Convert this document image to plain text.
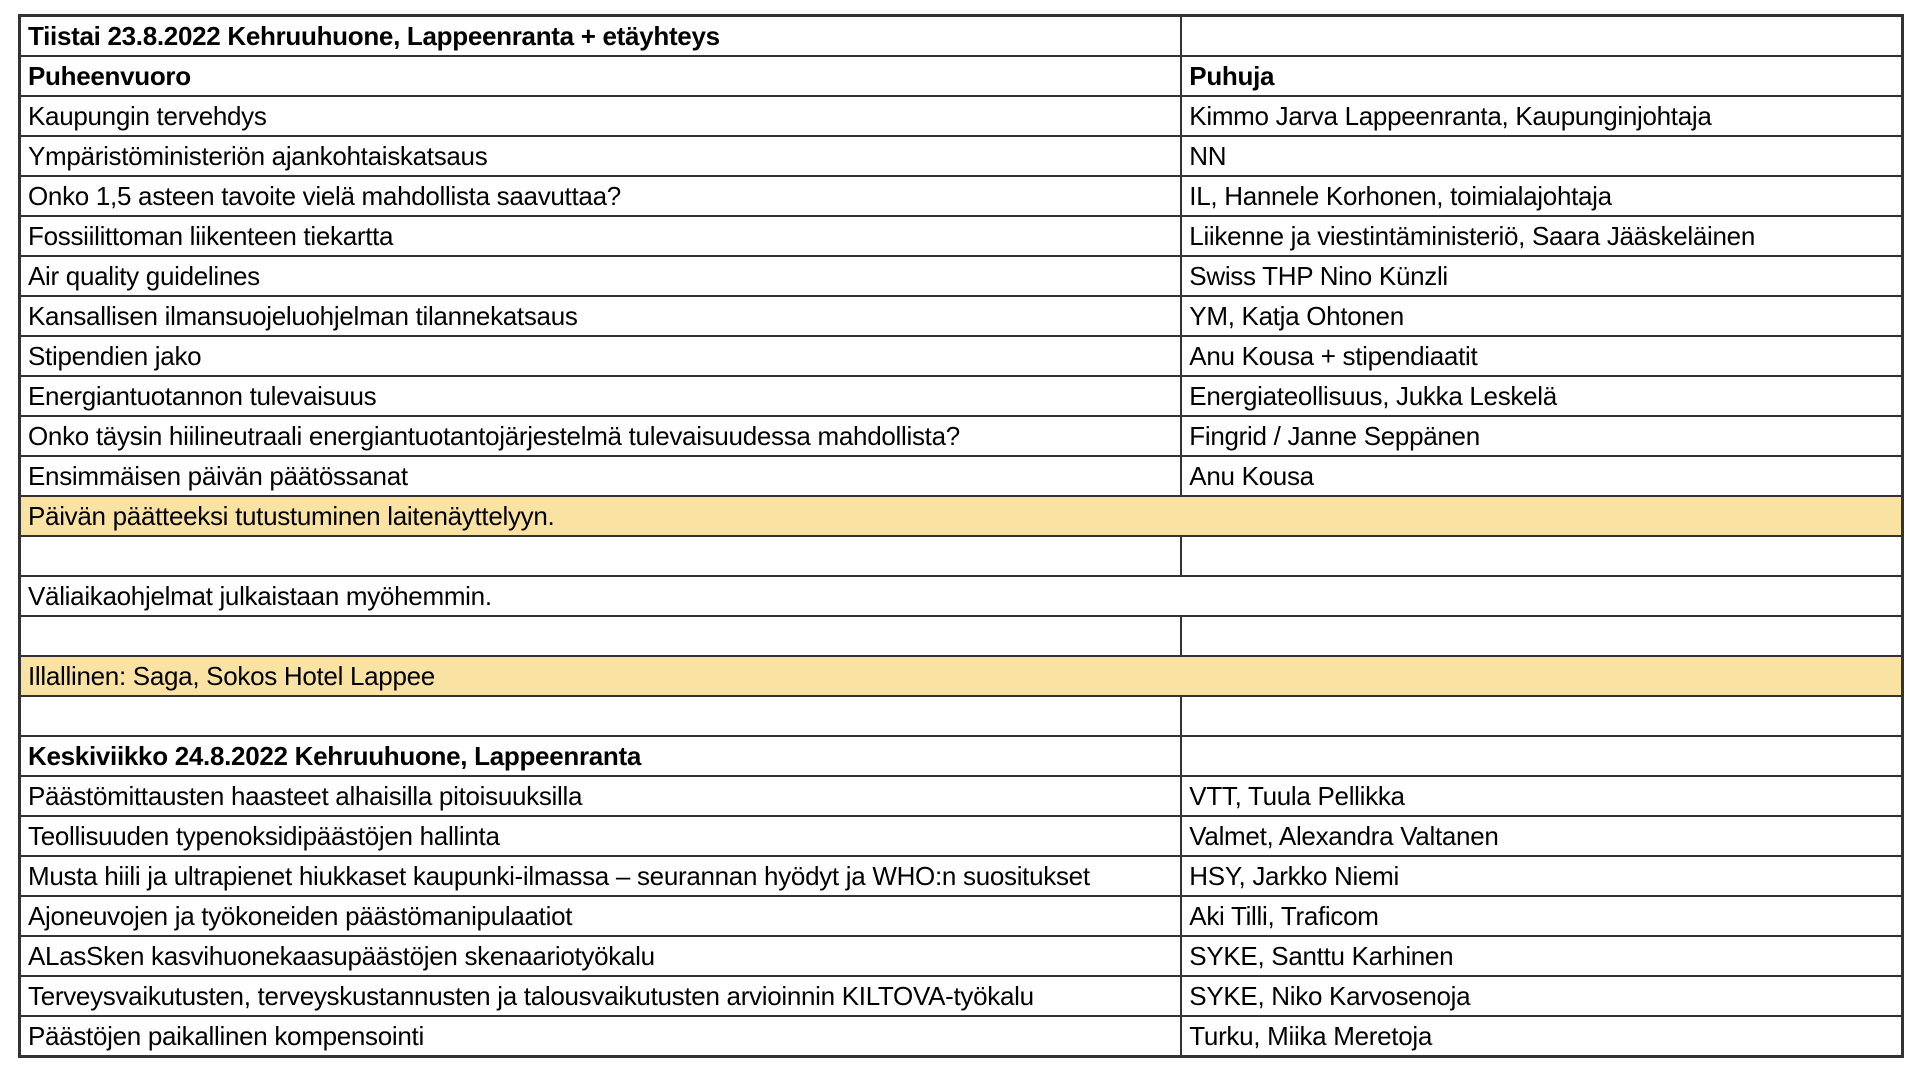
Tiistai 23.8.2022 Kehruuhuone, Lappeenranta + etäyhteys	
Puheenvuoro	Puhuja
Kaupungin tervehdys	Kimmo Jarva Lappeenranta, Kaupunginjohtaja
Ympäristöministeriön ajankohtaiskatsaus	NN
Onko 1,5 asteen tavoite vielä mahdollista saavuttaa?	IL, Hannele Korhonen, toimialajohtaja
Fossiilittoman liikenteen tiekartta	Liikenne ja viestintäministeriö, Saara Jääskeläinen
Air quality guidelines	Swiss THP Nino Künzli
Kansallisen ilmansuojeluohjelman tilannekatsaus	YM, Katja Ohtonen
Stipendien jako	Anu Kousa + stipendiaatit
Energiantuotannon tulevaisuus	Energiateollisuus, Jukka Leskelä
Onko täysin hiilineutraali energiantuotantojärjestelmä tulevaisuudessa mahdollista?	Fingrid / Janne Seppänen
Ensimmäisen päivän päätössanat	Anu Kousa
Päivän päätteeksi tutustuminen laitenäyttelyyn.	

Väliaikaohjelmat julkaistaan myöhemmin.	

Illallinen: Saga, Sokos Hotel Lappee	

Keskiviikko 24.8.2022 Kehruuhuone, Lappeenranta	
Päästömittausten haasteet alhaisilla pitoisuuksilla	VTT, Tuula Pellikka
Teollisuuden typenoksidipäästöjen hallinta	Valmet, Alexandra Valtanen
Musta hiili ja ultrapienet hiukkaset kaupunki-ilmassa – seurannan hyödyt ja WHO:n suositukset	HSY, Jarkko Niemi
Ajoneuvojen ja työkoneiden päästömanipulaatiot	Aki Tilli, Traficom
ALasSken kasvihuonekaasupäästöjen skenaariotyökalu	SYKE, Santtu Karhinen
Terveysvaikutusten, terveyskustannusten ja talousvaikutusten arvioinnin KILTOVA-työkalu	SYKE, Niko Karvosenoja
Päästöjen paikallinen kompensointi	Turku, Miika Meretoja
